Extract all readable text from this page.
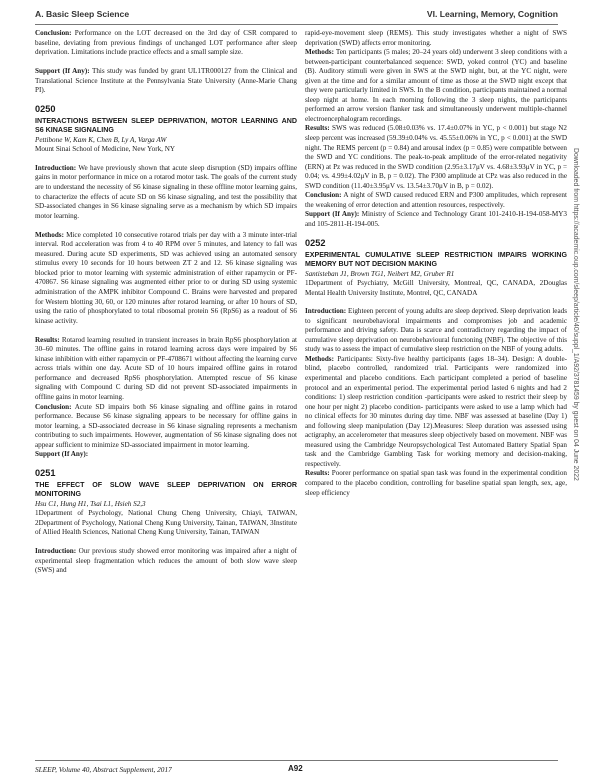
A. Basic Sleep Science	VI. Learning, Memory, Cognition

Conclusion: Performance on the LOT decreased on the 3rd day of CSR compared to baseline, deviating from previous findings of unchanged LOT performance after sleep deprivation. Limitations include practice effects and a small sample size.

Support (If Any): This study was funded by grant UL1TR000127 from the Clinical and Translational Science Institute at the Pennsylvania State University (Anne-Marie Chang PI).

0250
INTERACTIONS BETWEEN SLEEP DEPRIVATION, MOTOR LEARNING AND S6 KINASE SIGNALING
Pettibone W, Kam K, Chen B, Ly A, Varga AW
Mount Sinai School of Medicine, New York, NY

Introduction: We have previously shown that acute sleep disruption (SD) impairs offline gains in motor performance in mice on a rotarod motor task. The goals of the current study are to understand the necessity of S6 kinase signaling in these offline motor learning gains, to characterize the effects of acute SD on S6 kinase signaling, and test the possibility that SD-associated changes in S6 kinase signaling serve as a mechanism by which SD impairs motor learning.

Methods: Mice completed 10 consecutive rotarod trials per day with a 3 minute inter-trial interval. Rod acceleration was from 4 to 40 RPM over 5 minutes, and latency to fall was measured. During acute SD experiments, SD was achieved using an automated sensory stimulus every 10 seconds for 10 hours between ZT 2 and 12. S6 kinase signaling was blocked prior to motor learning with systemic administration of either rapamycin or PF-470867. S6 kinase signaling was augmented either prior to or during SD using systemic administration of the AMPK inhibitor Compound C. Brains were harvested and prepared for Western blotting 30, 60, or 120 minutes after rotarod learning, or after 10 hours of SD, using the ratio of phosphorylated to total ribosomal protein S6 (RpS6) as a readout of S6 kinase activity.

Results: Rotarod learning resulted in transient increases in brain RpS6 phosphorylation at 30–60 minutes. The offline gains in rotarod learning across days were impaired by S6 kinase inhibition with either rapamycin or PF-4708671 without affecting the learning curve across trials within one day. Acute SD of 10 hours impaired offline gains in rotarod performance and decreased RpS6 phosphorylation. Attempted rescue of S6 kinase signaling with Compound C during SD did not prevent SD-associated impairments in offline gains in motor learning.

Conclusion: Acute SD impairs both S6 kinase signaling and offline gains in rotarod performance. Because S6 kinase signaling appears to be necessary for offline gains in motor learning, a SD-associated decrease in S6 kinase signaling represents a mechanism contributing to such impairments. However, augmentation of S6 kinase signaling does not appear sufficient to minimize SD-associated impairment in motor learning.

Support (If Any):

0251
THE EFFECT OF SLOW WAVE SLEEP DEPRIVATION ON ERROR MONITORING
Hsu C1, Hung H1, Tsai L1, Hsieh S2,3
1Department of Psychology, National Chung Cheng University, Chiayi, TAIWAN, 2Department of Psychology, National Cheng Kung University, Tainan, TAIWAN, 3Institute of Allied Health Sciences, National Cheng Kung University, Tainan, TAIWAN

Introduction: Our previous study showed error monitoring was impaired after a night of experimental sleep fragmentation which reduces the amount of both slow wave sleep (SWS) and

rapid-eye-movement sleep (REMS). This study investigates whether a night of SWS deprivation (SWD) affects error monitoring.

Methods: Ten participants (5 males; 20–24 years old) underwent 3 sleep conditions with a between-participant counterbalanced sequence: SWD, yoked control (YC) and baseline (B). Auditory stimuli were given in SWS at the SWD night, but, at the YC night, were given at the time and for a similar amount of time as those at the SWD night except that they were particularly limited in SWS. In the B condition, participants maintained a normal sleep night at home. In each morning following the 3 sleep nights, the participants performed an arrow version flanker task and simultaneously underwent multiple-channel electroencephalogram recordings.

Results: SWS was reduced (5.08±0.03% vs. 17.4±0.07% in YC, p < 0.001) but stage N2 sleep percent was increased (59.39±0.04% vs. 45.55±0.06% in YC, p < 0.001) at the SWD night. The REMS percent (p = 0.84) and arousal index (p = 0.85) were compatible between the SWD and YC conditions. The peak-to-peak amplitude of the error-related negativity (ERN) at Pz was reduced in the SWD condition (2.95±3.17μV vs. 4.68±3.93μV in YC, p = 0.04; vs. 4.99±4.02μV in B, p = 0.02). The P300 amplitude at CPz was also reduced in the SWD condition (11.40±3.95μV vs. 13.54±3.70μV in B, p = 0.02).

Conclusion: A night of SWD caused reduced ERN and P300 amplitudes, which represent the weakening of error detection and attention resources, respectively.

Support (If Any): Ministry of Science and Technology Grant 101-2410-H-194-058-MY3 and 105-2811-H-194-005.

0252
EXPERIMENTAL CUMULATIVE SLEEP RESTRICTION IMPAIRS WORKING MEMORY BUT NOT DECISION MAKING
Santisteban J1, Brown TG1, Neibert M2, Gruber R1
1Department of Psychiatry, McGill University, Montreal, QC, CANADA, 2Douglas Mental Health University Institute, Montrel, QC, CANADA

Introduction: Eighteen percent of young adults are sleep deprived. Sleep deprivation leads to significant neurobehavioral impairments and compromises job and academic performance and driving safety. Data is scarce and contradictory regarding the impact of cumulative sleep deprivation on neurobehavioural functoning (NBF). The objective of this study was to assess the impact of cumulative sleep restriction on the NBF of young adults.

Methods: Participants: Sixty-five healthy participants (ages 18–34). Design: A double-blind, placebo controlled, randomized trial. Participants were randomized into experimental and placebo conditions. Each participant completed a period of baseline protocol and an experimental period. The experimental period lasted 6 nights and had 2 conditions: 1) sleep restriction condition -participants were asked to restrict their sleep by one hour per night 2) placebo condition- participants were asked to use a lamp which had no clinical effects for 30 minutes during day time. NBF was assessed at baseline (Day 1) and following sleep manipulation (Day 12).Measures: Sleep duration was assessed using actigraphy, an accelerometer that measures sleep objectively based on movement. NBF was measured using the Cambridge Neuropsychological Test Automated Battery Spatial Span task and the Cambridge Gambling Task for working memory and decision-making, respectively.

Results: Poorer performance on spatial span task was found in the experimental condition compared to the placebo condition, controlling for baseline spatial span length, sex, age, sleep efficiency

Downloaded from https://academic.oup.com/sleep/article/40/suppl_1/A92/3781459 by guest on 04 June 2022
SLEEP, Volume 40, Abstract Supplement, 2017	A92
